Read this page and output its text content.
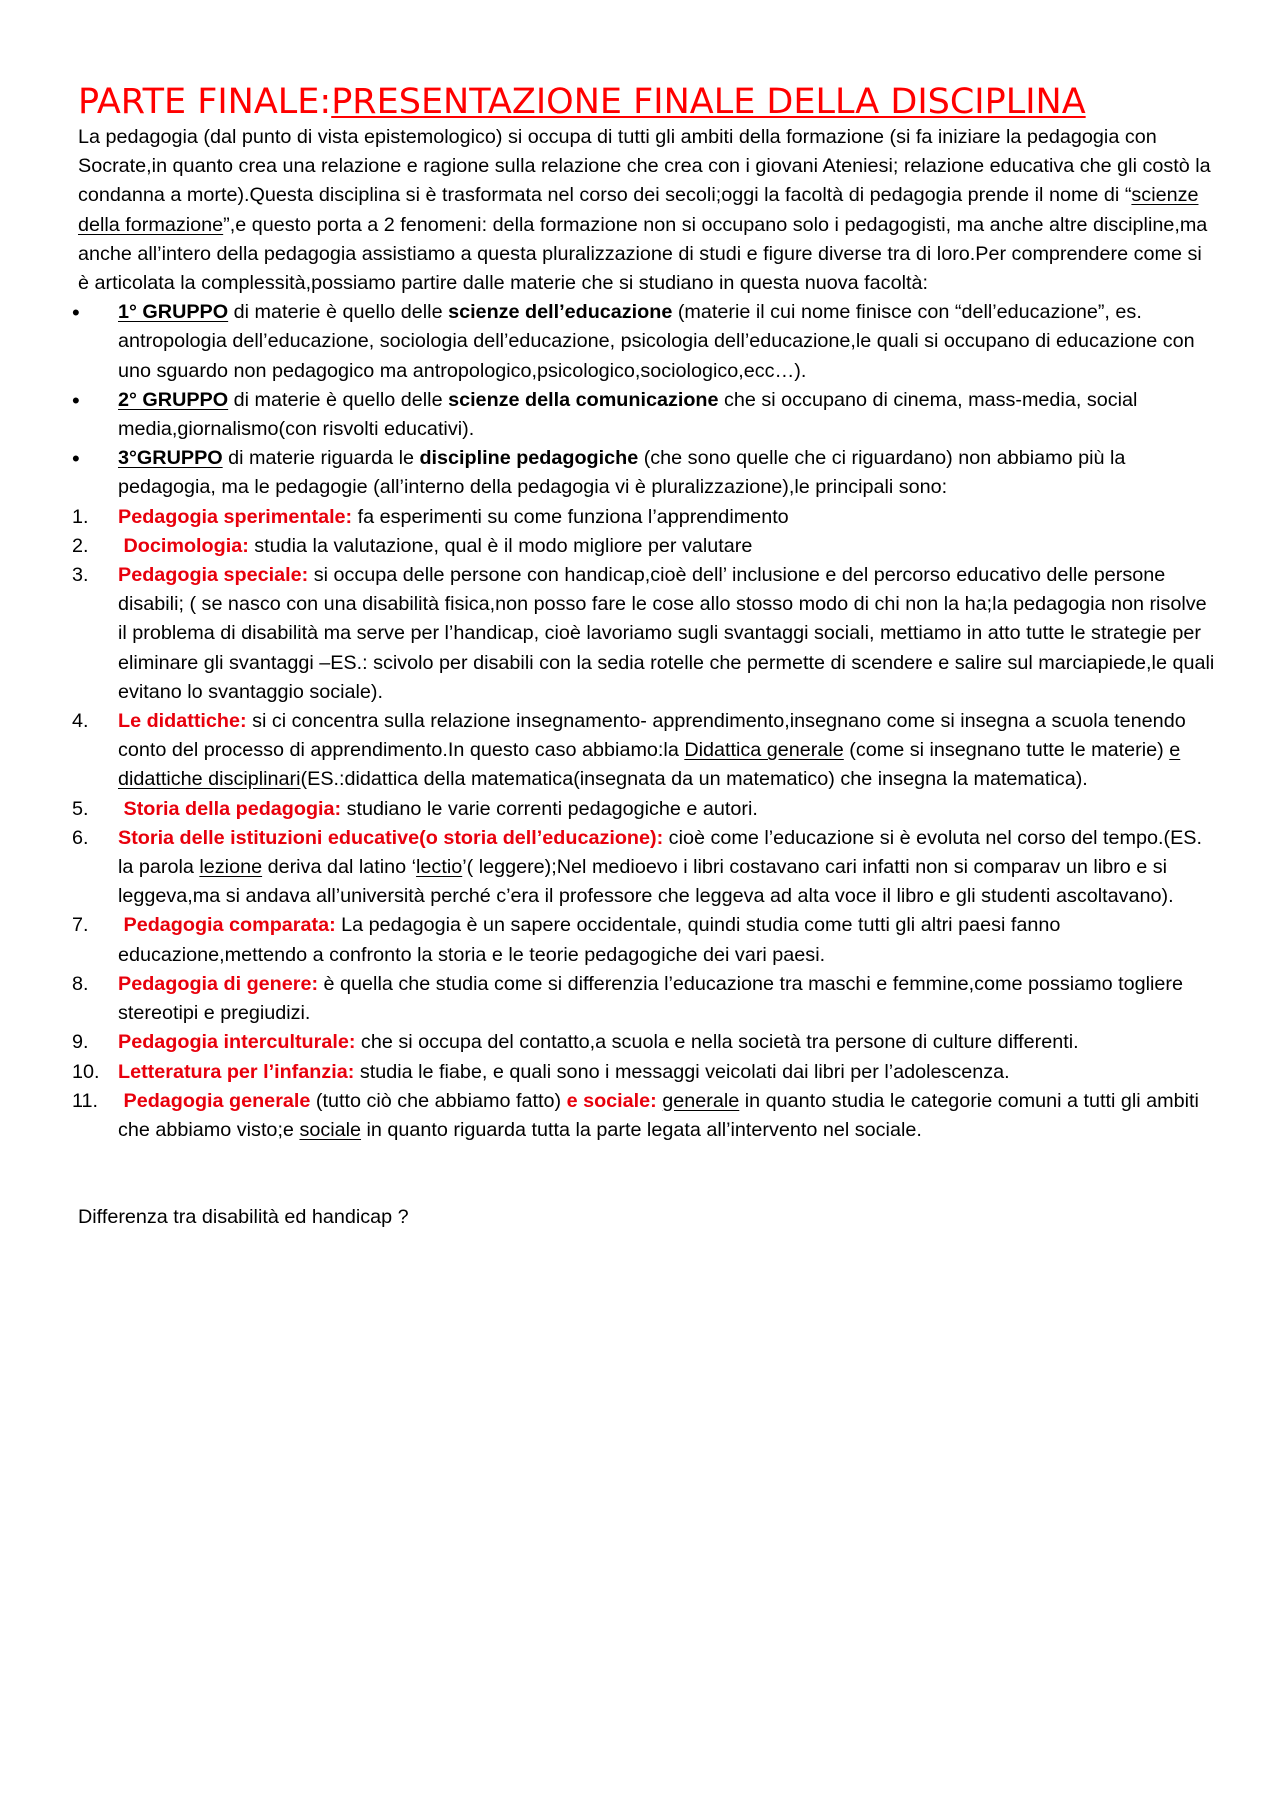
PARTE FINALE:PRESENTAZIONE FINALE DELLA DISCIPLINA

La pedagogia (dal punto di vista epistemologico) si occupa di tutti gli ambiti della formazione (si fa iniziare la pedagogia con Socrate,in quanto crea una relazione e ragione sulla relazione che crea con i giovani Ateniesi; relazione educativa che gli costò la condanna a morte).Questa disciplina si è trasformata nel corso dei secoli;oggi la facoltà di pedagogia prende il nome di “scienze della formazione”,e questo porta a 2 fenomeni: della formazione non si occupano solo i pedagogisti, ma anche altre discipline,ma anche all’intero della pedagogia assistiamo a questa pluralizzazione di studi e figure diverse tra di loro.Per comprendere come si è articolata la complessità,possiamo partire dalle materie che si studiano in questa nuova facoltà:

• 1° GRUPPO di materie è quello delle scienze dell’educazione (materie il cui nome finisce con “dell’educazione”, es. antropologia dell’educazione, sociologia dell’educazione, psicologia dell’educazione,le quali si occupano di educazione con uno sguardo non pedagogico ma antropologico,psicologico,sociologico,ecc…).
• 2° GRUPPO di materie è quello delle scienze della comunicazione che si occupano di cinema, mass-media, social media,giornalismo(con risvolti educativi).
• 3°GRUPPO di materie riguarda le discipline pedagogiche (che sono quelle che ci riguardano) non abbiamo più la pedagogia, ma le pedagogie (all’interno della pedagogia vi è pluralizzazione),le principali sono:
1. Pedagogia sperimentale: fa esperimenti su come funziona l’apprendimento
2. Docimologia: studia la valutazione, qual è il modo migliore per valutare
3. Pedagogia speciale: si occupa delle persone con handicap,cioè dell’ inclusione e del percorso educativo delle persone disabili; ( se nasco con una disabilità fisica,non posso fare le cose allo stosso modo di chi non la ha;la pedagogia non risolve il problema di disabilità ma serve per l’handicap, cioè lavoriamo sugli svantaggi sociali, mettiamo in atto tutte le strategie per eliminare gli svantaggi –ES.: scivolo per disabili con la sedia rotelle che permette di scendere e salire sul marciapiede,le quali evitano lo svantaggio sociale).
4. Le didattiche: si ci concentra sulla relazione insegnamento- apprendimento,insegnano come si insegna a scuola tenendo conto del processo di apprendimento.In questo caso abbiamo:la Didattica generale (come si insegnano tutte le materie) e didattiche disciplinari(ES.:didattica della matematica(insegnata da un matematico) che insegna la matematica).
5. Storia della pedagogia: studiano le varie correnti pedagogiche e autori.
6. Storia delle istituzioni educative(o storia dell’educazione): cioè come l’educazione si è evoluta nel corso del tempo.(ES. la parola lezione deriva dal latino ‘lectio’( leggere);Nel medioevo i libri costavano cari infatti non si comparav un libro e si leggeva,ma si andava all’università perché c’era il professore che leggeva ad alta voce il libro e gli studenti ascoltavano).
7. Pedagogia comparata: La pedagogia è un sapere occidentale, quindi studia come tutti gli altri paesi fanno educazione,mettendo a confronto la storia e le teorie pedagogiche dei vari paesi.
8. Pedagogia di genere: è quella che studia come si differenzia l’educazione tra maschi e femmine,come possiamo togliere stereotipi e pregiudizi.
9. Pedagogia interculturale: che si occupa del contatto,a scuola e nella società tra persone di culture differenti.
10. Letteratura per l’infanzia: studia le fiabe, e quali sono i messaggi veicolati dai libri per l’adolescenza.
11. Pedagogia generale (tutto ciò che abbiamo fatto) e sociale: generale in quanto studia le categorie comuni a tutti gli ambiti che abbiamo visto;e sociale in quanto riguarda tutta la parte legata all’intervento nel sociale.

Differenza tra disabilità ed handicap ?
